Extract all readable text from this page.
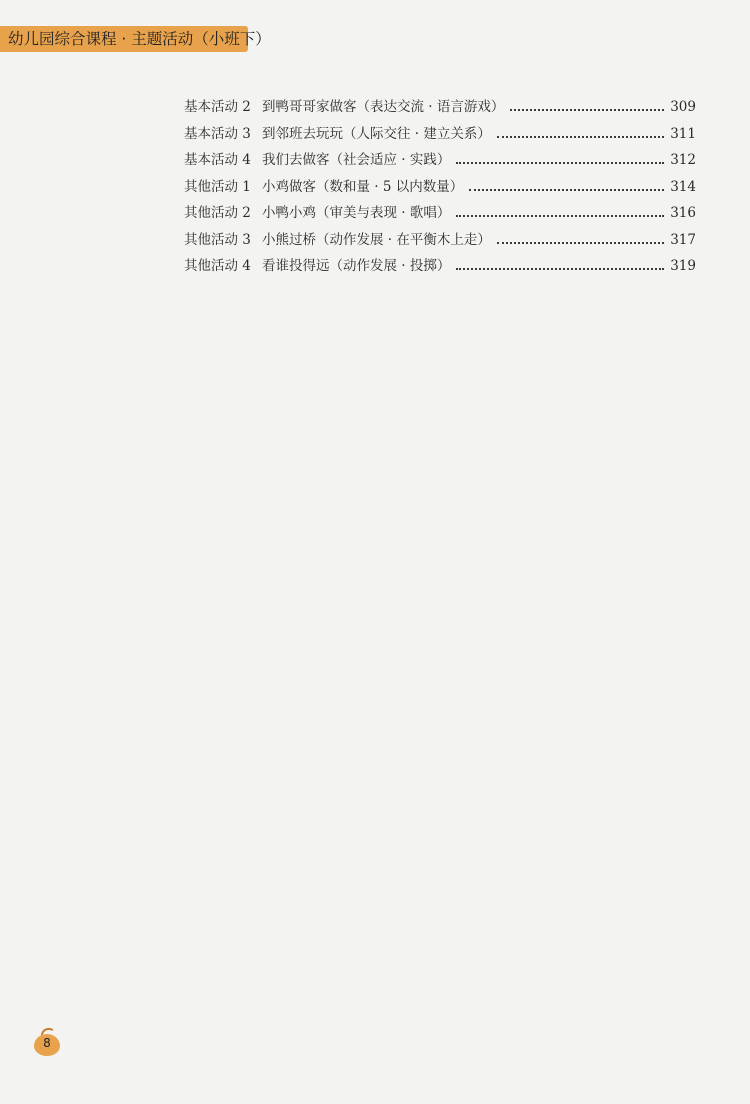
幼儿园综合课程 · 主题活动（小班下）
基本活动 2 到鸭哥哥家做客（表达交流 · 语言游戏）	309
基本活动 3 到邻班去玩玩（人际交往 · 建立关系）	311
基本活动 4 我们去做客（社会适应 · 实践）	312
其他活动 1 小鸡做客（数和量 · 5 以内数量）	314
其他活动 2 小鸭小鸡（审美与表现 · 歌唱）	316
其他活动 3 小熊过桥（动作发展 · 在平衡木上走）	317
其他活动 4 看谁投得远（动作发展 · 投掷）	319
8
